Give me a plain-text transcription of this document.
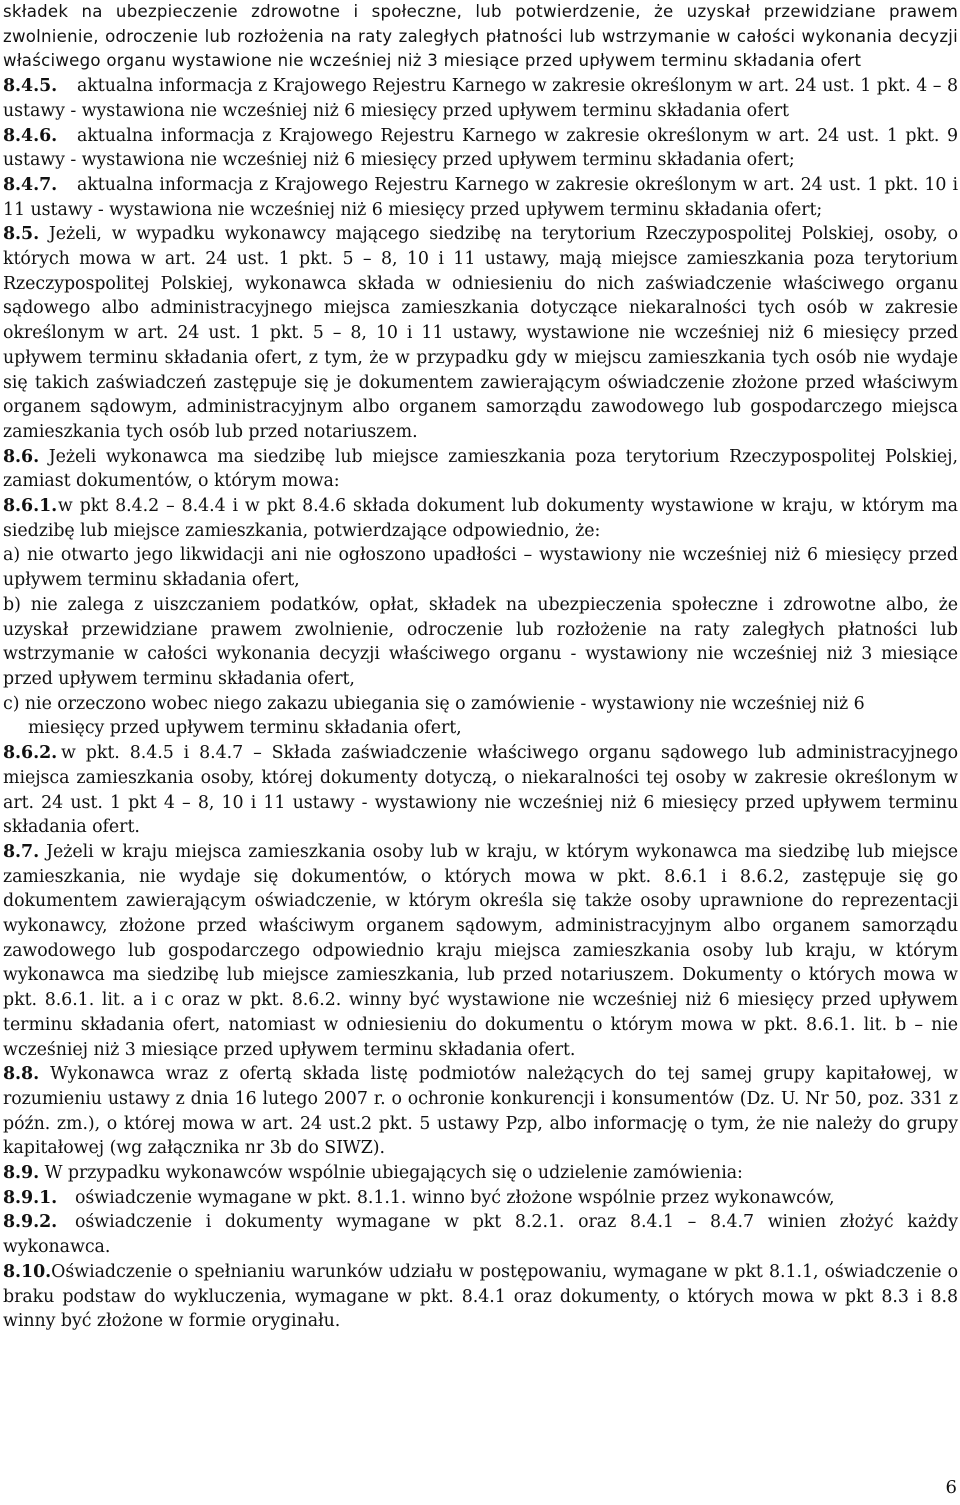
składek na ubezpieczenie zdrowotne i społeczne, lub potwierdzenie, że uzyskał przewidziane prawem zwolnienie, odroczenie lub rozłożenia na raty zaległych płatności lub wstrzymanie w całości wykonania decyzji właściwego organu wystawione nie wcześniej niż 3 miesiące przed upływem terminu składania ofert

8.4.5. aktualna informacja z Krajowego Rejestru Karnego w zakresie określonym w art. 24 ust. 1 pkt. 4 – 8 ustawy - wystawiona nie wcześniej niż 6 miesięcy przed upływem terminu składania ofert

8.4.6. aktualna informacja z Krajowego Rejestru Karnego w zakresie określonym w art. 24 ust. 1 pkt. 9 ustawy - wystawiona nie wcześniej niż 6 miesięcy przed upływem terminu składania ofert;

8.4.7. aktualna informacja z Krajowego Rejestru Karnego w zakresie określonym w art. 24 ust. 1 pkt. 10 i 11 ustawy - wystawiona nie wcześniej niż 6 miesięcy przed upływem terminu składania ofert;

8.5. Jeżeli, w wypadku wykonawcy mającego siedzibę na terytorium Rzeczypospolitej Polskiej, osoby, o których mowa w art. 24 ust. 1 pkt. 5 – 8, 10 i 11 ustawy, mają miejsce zamieszkania poza terytorium Rzeczypospolitej Polskiej, wykonawca składa w odniesieniu do nich zaświadczenie właściwego organu sądowego albo administracyjnego miejsca zamieszkania dotyczące niekaralności tych osób w zakresie określonym w art. 24 ust. 1 pkt. 5 – 8, 10 i 11 ustawy, wystawione nie wcześniej niż 6 miesięcy przed upływem terminu składania ofert, z tym, że w przypadku gdy w miejscu zamieszkania tych osób nie wydaje się takich zaświadczeń zastępuje się je dokumentem zawierającym oświadczenie złożone przed właściwym organem sądowym, administracyjnym albo organem samorządu zawodowego lub gospodarczego miejsca zamieszkania tych osób lub przed notariuszem.

8.6. Jeżeli wykonawca ma siedzibę lub miejsce zamieszkania poza terytorium Rzeczypospolitej Polskiej, zamiast dokumentów, o którym mowa:

8.6.1. w pkt 8.4.2 – 8.4.4 i w pkt 8.4.6 składa dokument lub dokumenty wystawione w kraju, w którym ma siedzibę lub miejsce zamieszkania, potwierdzające odpowiednio, że:

a) nie otwarto jego likwidacji ani nie ogłoszono upadłości – wystawiony nie wcześniej niż 6 miesięcy przed upływem terminu składania ofert,

b) nie zalega z uiszczaniem podatków, opłat, składek na ubezpieczenia społeczne i zdrowotne albo, że uzyskał przewidziane prawem zwolnienie, odroczenie lub rozłożenie na raty zaległych płatności lub wstrzymanie w całości wykonania decyzji właściwego organu - wystawiony nie wcześniej niż 3 miesiące przed upływem terminu składania ofert,

c) nie orzeczono wobec niego zakazu ubiegania się o zamówienie - wystawiony nie wcześniej niż 6

miesięcy przed upływem terminu składania ofert,

8.6.2. w pkt. 8.4.5 i 8.4.7 – Składa zaświadczenie właściwego organu sądowego lub administracyjnego miejsca zamieszkania osoby, której dokumenty dotyczą, o niekaralności tej osoby w zakresie określonym w art. 24 ust. 1 pkt 4 – 8, 10 i 11 ustawy - wystawiony nie wcześniej niż 6 miesięcy przed upływem terminu składania ofert.

8.7. Jeżeli w kraju miejsca zamieszkania osoby lub w kraju, w którym wykonawca ma siedzibę lub miejsce zamieszkania, nie wydaje się dokumentów, o których mowa w pkt. 8.6.1 i 8.6.2, zastępuje się go dokumentem zawierającym oświadczenie, w którym określa się także osoby uprawnione do reprezentacji wykonawcy, złożone przed właściwym organem sądowym, administracyjnym albo organem samorządu zawodowego lub gospodarczego odpowiednio kraju miejsca zamieszkania osoby lub kraju, w którym wykonawca ma siedzibę lub miejsce zamieszkania, lub przed notariuszem. Dokumenty o których mowa w pkt. 8.6.1. lit. a i c oraz w pkt. 8.6.2. winny być wystawione nie wcześniej niż 6 miesięcy przed upływem terminu składania ofert, natomiast w odniesieniu do dokumentu o którym mowa w pkt. 8.6.1. lit. b – nie wcześniej niż 3 miesiące przed upływem terminu składania ofert.

8.8. Wykonawca wraz z ofertą składa listę podmiotów należących do tej samej grupy kapitałowej, w rozumieniu ustawy z dnia 16 lutego 2007 r. o ochronie konkurencji i konsumentów (Dz. U. Nr 50, poz. 331 z późn. zm.), o której mowa w art. 24 ust.2 pkt. 5 ustawy Pzp, albo informację o tym, że nie należy do grupy kapitałowej (wg załącznika nr 3b do SIWZ).

8.9. W przypadku wykonawców wspólnie ubiegających się o udzielenie zamówienia:

8.9.1. oświadczenie wymagane w pkt. 8.1.1. winno być złożone wspólnie przez wykonawców,

8.9.2. oświadczenie i dokumenty wymagane w pkt 8.2.1. oraz 8.4.1 – 8.4.7 winien złożyć każdy wykonawca.

8.10.Oświadczenie o spełnianiu warunków udziału w postępowaniu, wymagane w pkt 8.1.1, oświadczenie o braku podstaw do wykluczenia, wymagane w pkt. 8.4.1 oraz dokumenty, o których mowa w pkt 8.3 i 8.8 winny być złożone w formie oryginału.

6
